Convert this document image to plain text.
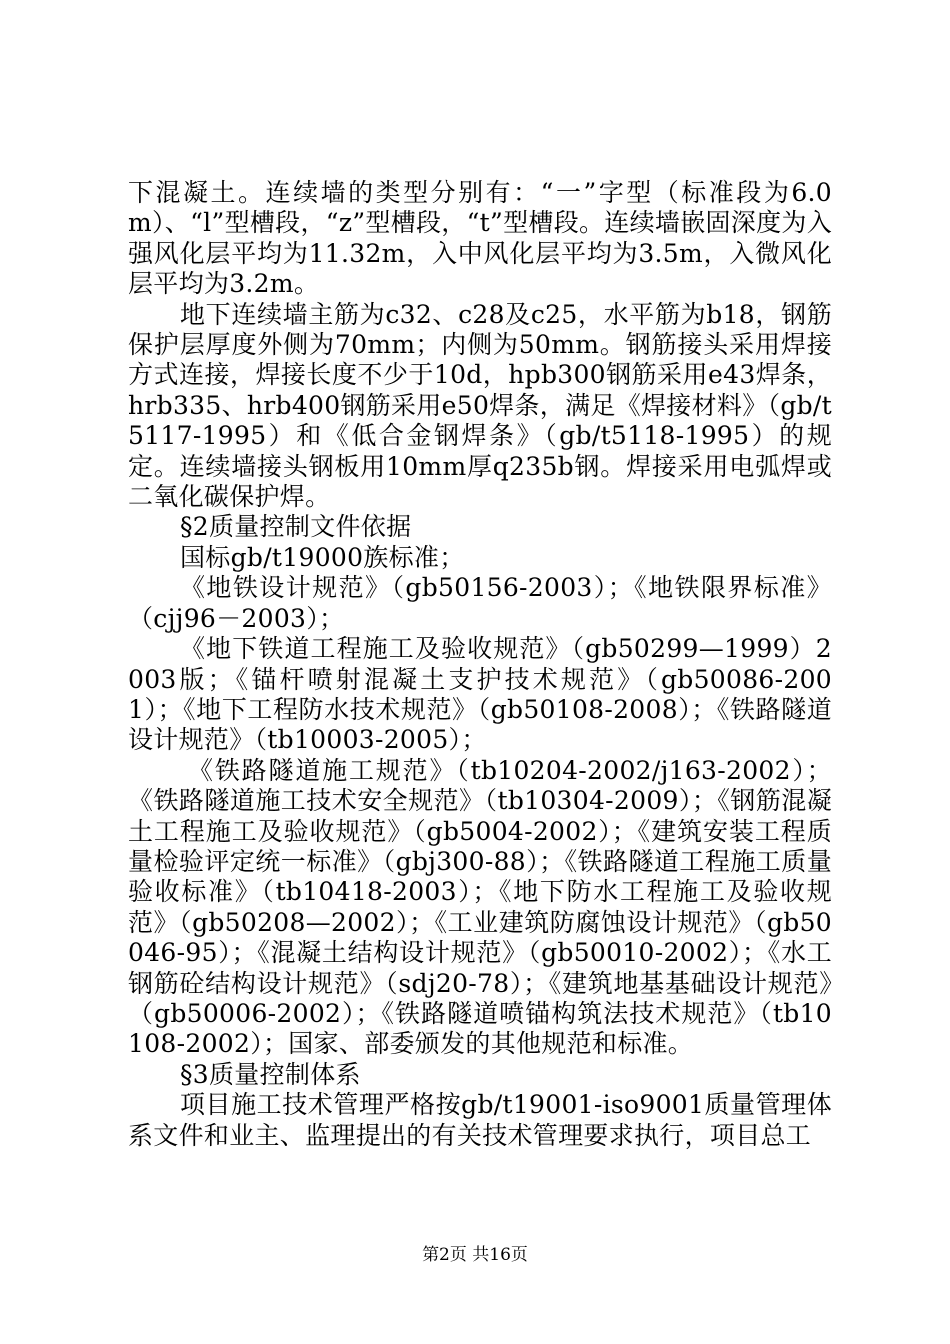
下混凝土。连续墙的类型分别有：“一”字型（标准段为6.0m）、“l”型槽段，“z”型槽段，“t”型槽段。连续墙嵌固深度为入强风化层平均为11.32m，入中风化层平均为3.5m，入微风化层平均为3.2m。

地下连续墙主筋为c32、c28及c25，水平筋为b18，钢筋保护层厚度外侧为70mm；内侧为50mm。钢筋接头采用焊接方式连接，焊接长度不少于10d，hpb300钢筋采用e43焊条，hrb335、hrb400钢筋采用e50焊条，满足《焊接材料》（gb/t5117-1995）和《低合金钢焊条》（gb/t5118-1995）的规定。连续墙接头钢板用10mm厚q235b钢。焊接采用电弧焊或二氧化碳保护焊。

§2质量控制文件依据

国标gb/t19000族标准；

《地铁设计规范》（gb50156-2003）；《地铁限界标准》（cjj96－2003）；

《地下铁道工程施工及验收规范》（gb50299—1999）2003版；《锚杆喷射混凝土支护技术规范》（gb50086-2001）；《地下工程防水技术规范》（gb50108-2008）；《铁路隧道设计规范》（tb10003-2005）；

《铁路隧道施工规范》（tb10204-2002/j163-2002）；《铁路隧道施工技术安全规范》（tb10304-2009）；《钢筋混凝土工程施工及验收规范》（gb5004-2002）；《建筑安装工程质量检验评定统一标准》（gbj300-88）；《铁路隧道工程施工质量验收标准》（tb10418-2003）；《地下防水工程施工及验收规范》（gb50208—2002）；《工业建筑防腐蚀设计规范》（gb50046-95）；《混凝土结构设计规范》（gb50010-2002）；《水工钢筋砼结构设计规范》（sdj20-78）；《建筑地基基础设计规范》（gb50006-2002）；《铁路隧道喷锚构筑法技术规范》（tb10108-2002）；国家、部委颁发的其他规范和标准。

§3质量控制体系

项目施工技术管理严格按gb/t19001-iso9001质量管理体系文件和业主、监理提出的有关技术管理要求执行，项目总工

第2页 共16页
